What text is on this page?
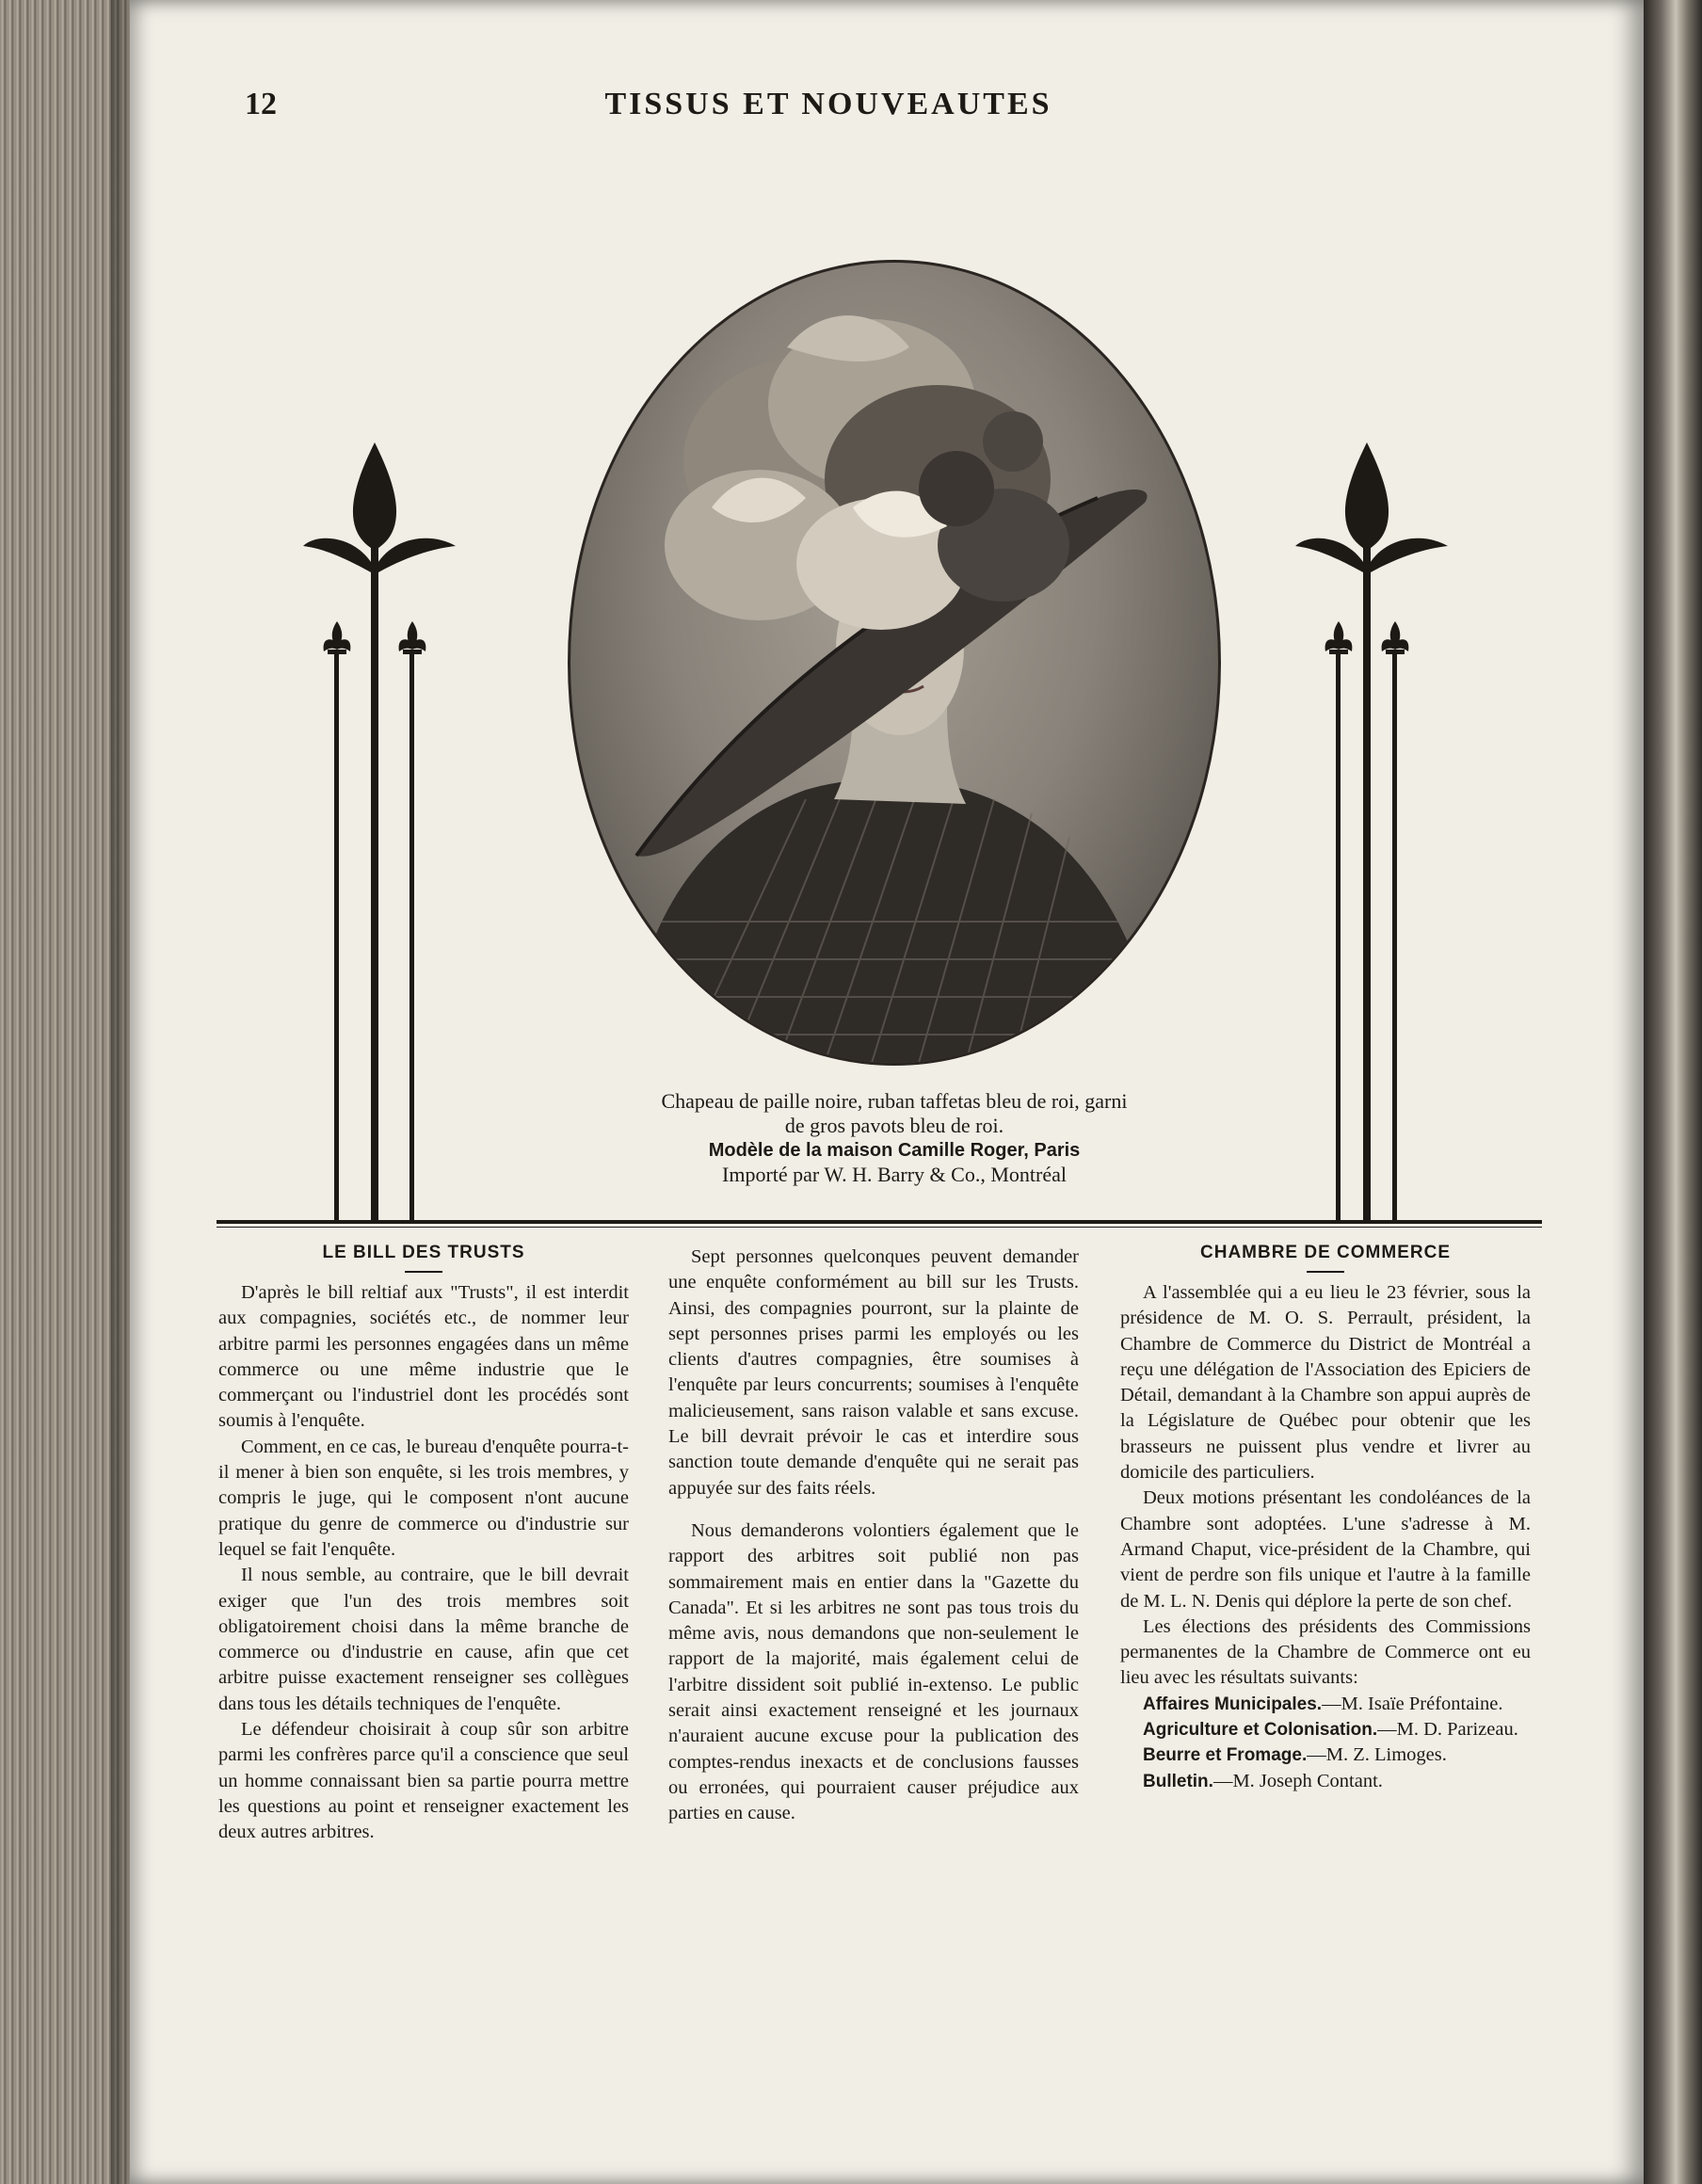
12	TISSUS ET NOUVEAUTES
Chapeau de paille noire, ruban taffetas bleu de roi, garni
de gros pavots bleu de roi.
Modèle de la maison Camille Roger, Paris
Importé par W. H. Barry & Co., Montréal
LE BILL DES TRUSTS

D'après le bill reltiaf aux "Trusts", il est interdit aux compagnies, sociétés etc., de nommer leur arbitre parmi les personnes engagées dans un même commerce ou une même industrie que le commerçant ou l'industriel dont les procédés sont soumis à l'enquête.

Comment, en ce cas, le bureau d'enquête pourra-t-il mener à bien son enquête, si les trois membres, y compris le juge, qui le composent n'ont aucune pratique du genre de commerce ou d'industrie sur lequel se fait l'enquête.

Il nous semble, au contraire, que le bill devrait exiger que l'un des trois membres soit obligatoirement choisi dans la même branche de commerce ou d'industrie en cause, afin que cet arbitre puisse exactement renseigner ses collègues dans tous les détails techniques de l'enquête.

Le défendeur choisirait à coup sûr son arbitre parmi les confrères parce qu'il a conscience que seul un homme connaissant bien sa partie pourra mettre les questions au point et renseigner exactement les deux autres arbitres.

Sept personnes quelconques peuvent demander une enquête conformément au bill sur les Trusts. Ainsi, des compagnies pourront, sur la plainte de sept personnes prises parmi les employés ou les clients d'autres compagnies, être soumises à l'enquête par leurs concurrents; soumises à l'enquête malicieusement, sans raison valable et sans excuse. Le bill devrait prévoir le cas et interdire sous sanction toute demande d'enquête qui ne serait pas appuyée sur des faits réels.

Nous demanderons volontiers également que le rapport des arbitres soit publié non pas sommairement mais en entier dans la "Gazette du Canada". Et si les arbitres ne sont pas tous trois du même avis, nous demandons que non-seulement le rapport de la majorité, mais également celui de l'arbitre dissident soit publié in-extenso. Le public serait ainsi exactement renseigné et les journaux n'auraient aucune excuse pour la publication des comptes-rendus inexacts et de conclusions fausses ou erronées, qui pourraient causer préjudice aux parties en cause.

CHAMBRE DE COMMERCE

A l'assemblée qui a eu lieu le 23 février, sous la présidence de M. O. S. Perrault, président, la Chambre de Commerce du District de Montréal a reçu une délégation de l'Association des Epiciers de Détail, demandant à la Chambre son appui auprès de la Législature de Québec pour obtenir que les brasseurs ne puissent plus vendre et livrer au domicile des particuliers.

Deux motions présentant les condoléances de la Chambre sont adoptées. L'une s'adresse à M. Armand Chaput, vice-président de la Chambre, qui vient de perdre son fils unique et l'autre à la famille de M. L. N. Denis qui déplore la perte de son chef.

Les élections des présidents des Commissions permanentes de la Chambre de Commerce ont eu lieu avec les résultats suivants:

Affaires Municipales.—M. Isaïe Préfontaine.

Agriculture et Colonisation.—M. D. Parizeau.

Beurre et Fromage.—M. Z. Limoges.

Bulletin.—M. Joseph Contant.
